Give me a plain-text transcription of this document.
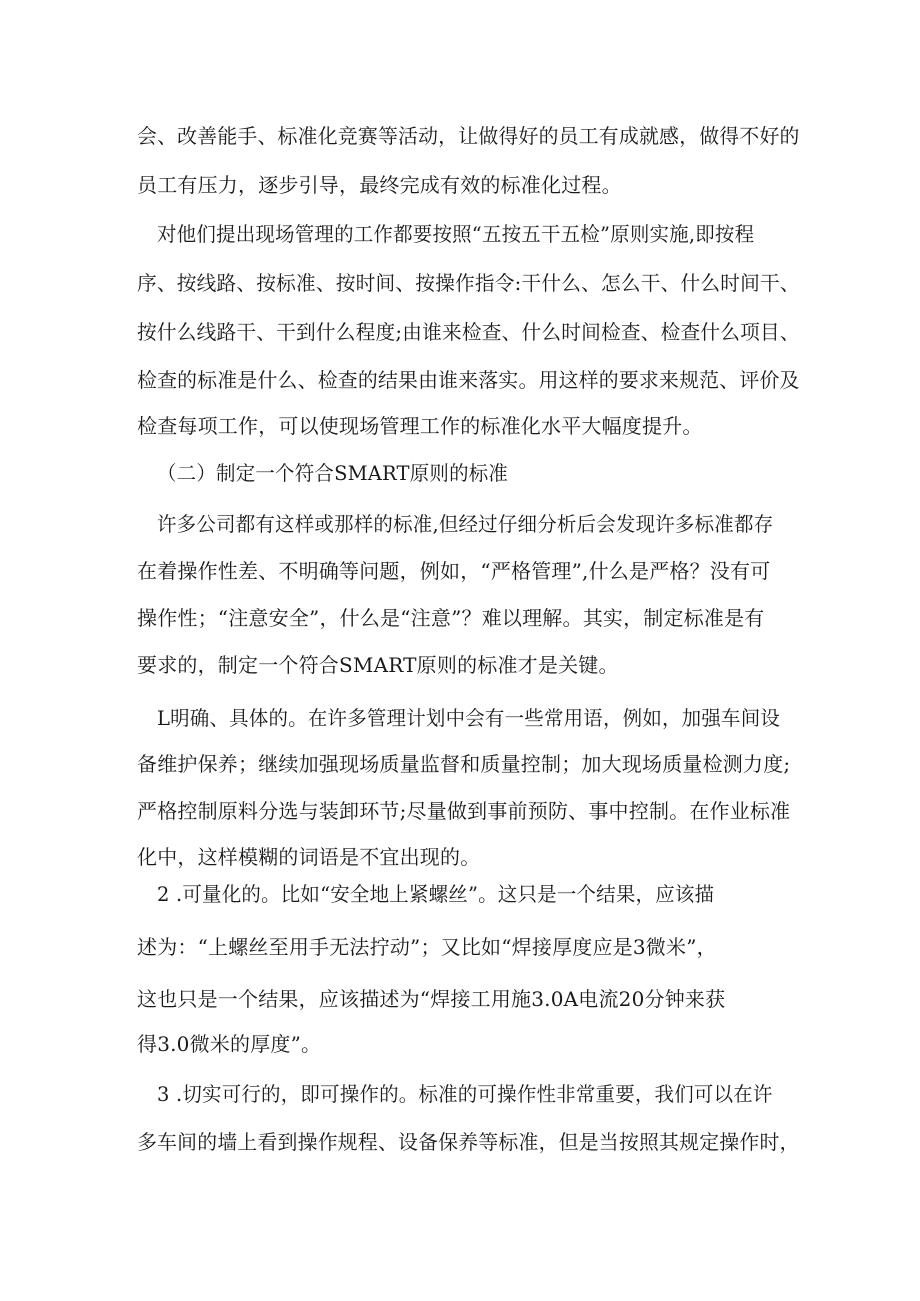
会、改善能手、标准化竞赛等活动，让做得好的员工有成就感，做得不好的
员工有压力，逐步引导，最终完成有效的标准化过程。
对他们提出现场管理的工作都要按照“五按五干五检”原则实施,即按程
序、按线路、按标准、按时间、按操作指令:干什么、怎么干、什么时间干、
按什么线路干、干到什么程度;由谁来检查、什么时间检查、检查什么项目、
检查的标准是什么、检查的结果由谁来落实。用这样的要求来规范、评价及
检查每项工作，可以使现场管理工作的标准化水平大幅度提升。
（二）制定一个符合SMART原则的标准
许多公司都有这样或那样的标准,但经过仔细分析后会发现许多标准都存
在着操作性差、不明确等问题，例如，“严格管理”,什么是严格？没有可
操作性；“注意安全”，什么是“注意”？难以理解。其实，制定标准是有
要求的，制定一个符合SMART原则的标准才是关键。
L明确、具体的。在许多管理计划中会有一些常用语，例如，加强车间设
备维护保养；继续加强现场质量监督和质量控制；加大现场质量检测力度;
严格控制原料分选与装卸环节;尽量做到事前预防、事中控制。在作业标准
化中，这样模糊的词语是不宜出现的。
2 .可量化的。比如“安全地上紧螺丝”。这只是一个结果，应该描
述为：“上螺丝至用手无法拧动”；又比如“焊接厚度应是3微米”，
这也只是一个结果，应该描述为“焊接工用施3.0A电流20分钟来获
得3.0微米的厚度”。
3 .切实可行的，即可操作的。标准的可操作性非常重要，我们可以在许
多车间的墙上看到操作规程、设备保养等标准，但是当按照其规定操作时，
